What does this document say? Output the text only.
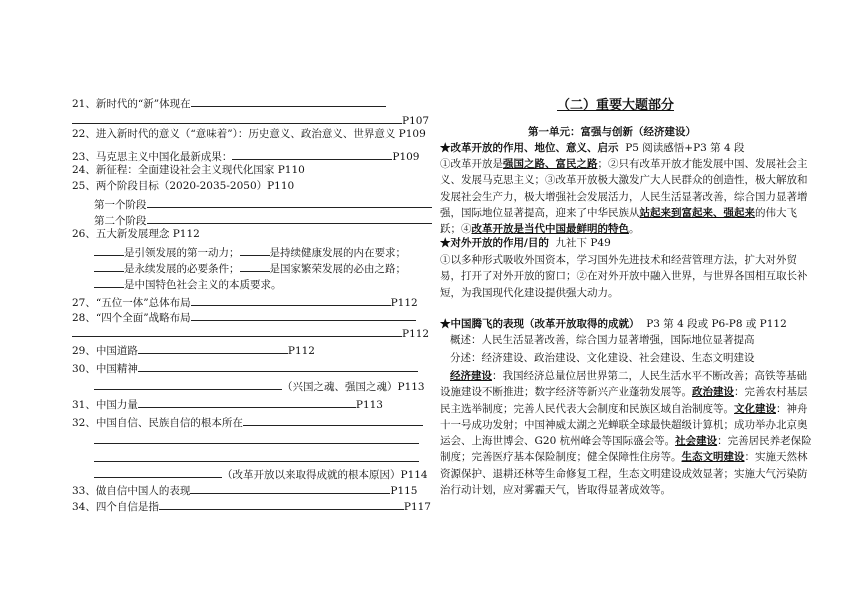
21、新时代的“新”体现在
P107
22、进入新时代的意义（“意味着”）：历史意义、政治意义、世界意义 P109
23、马克思主义中国化最新成果：	P109
24、新征程：全面建设社会主义现代化国家 P110
25、两个阶段目标（2020-2035-2050）P110
第一个阶段
第二个阶段
26、五大新发展理念 P112
是引领发展的第一动力；	是持续健康发展的内在要求；
是永续发展的必要条件；	是国家繁荣发展的必由之路；
是中国特色社会主义的本质要求。
27、“五位一体”总体布局	P112
28、“四个全面”战略布局
P112
29、中国道路	P112
30、中国精神
（兴国之魂、强国之魂）P113
31、中国力量	P113
32、中国自信、民族自信的根本所在
（改革开放以来取得成就的根本原因）P114
33、做自信中国人的表现	P115
34、四个自信是指	P117
（二）重要大题部分
第一单元：富强与创新（经济建设）
★改革开放的作用、地位、意义、启示 P5 阅读感悟+P3 第 4 段
①改革开放是强国之路、富民之路；②只有改革开放才能发展中国、发展社会主义、发展马克思主义；③改革开放极大激发广大人民群众的创造性，极大解放和发展社会生产力，极大增强社会发展活力，人民生活显著改善，综合国力显著增强，国际地位显著提高，迎来了中华民族从站起来到富起来、强起来的伟大飞跃；④改革开放是当代中国最鲜明的特色。
★对外开放的作用/目的 九社下 P49
①以多种形式吸收外国资本，学习国外先进技术和经营管理方法，扩大对外贸易，打开了对外开放的窗口；②在对外开放中融入世界，与世界各国相互取长补短，为我国现代化建设提供强大动力。
★中国腾飞的表现（改革开放取得的成就） P3 第 4 段或 P6-P8 或 P112
概述：人民生活显著改善，综合国力显著增强，国际地位显著提高
分述：经济建设、政治建设、文化建设、社会建设、生态文明建设
经济建设：我国经济总量位居世界第二，人民生活水平不断改善；高铁等基础设施建设不断推进；数字经济等新兴产业蓬勃发展等。政治建设：完善农村基层民主选举制度；完善人民代表大会制度和民族区域自治制度等。文化建设：神舟十一号成功发射；中国神威太湖之光蝉联全球最快超级计算机；成功举办北京奥运会、上海世博会、G20 杭州峰会等国际盛会等。社会建设：完善居民养老保险制度；完善医疗基本保险制度；健全保障性住房等。生态文明建设：实施天然林资源保护、退耕还林等生命修复工程，生态文明建设成效显著；实施大气污染防治行动计划，应对雾霾天气，皆取得显著成效等。
